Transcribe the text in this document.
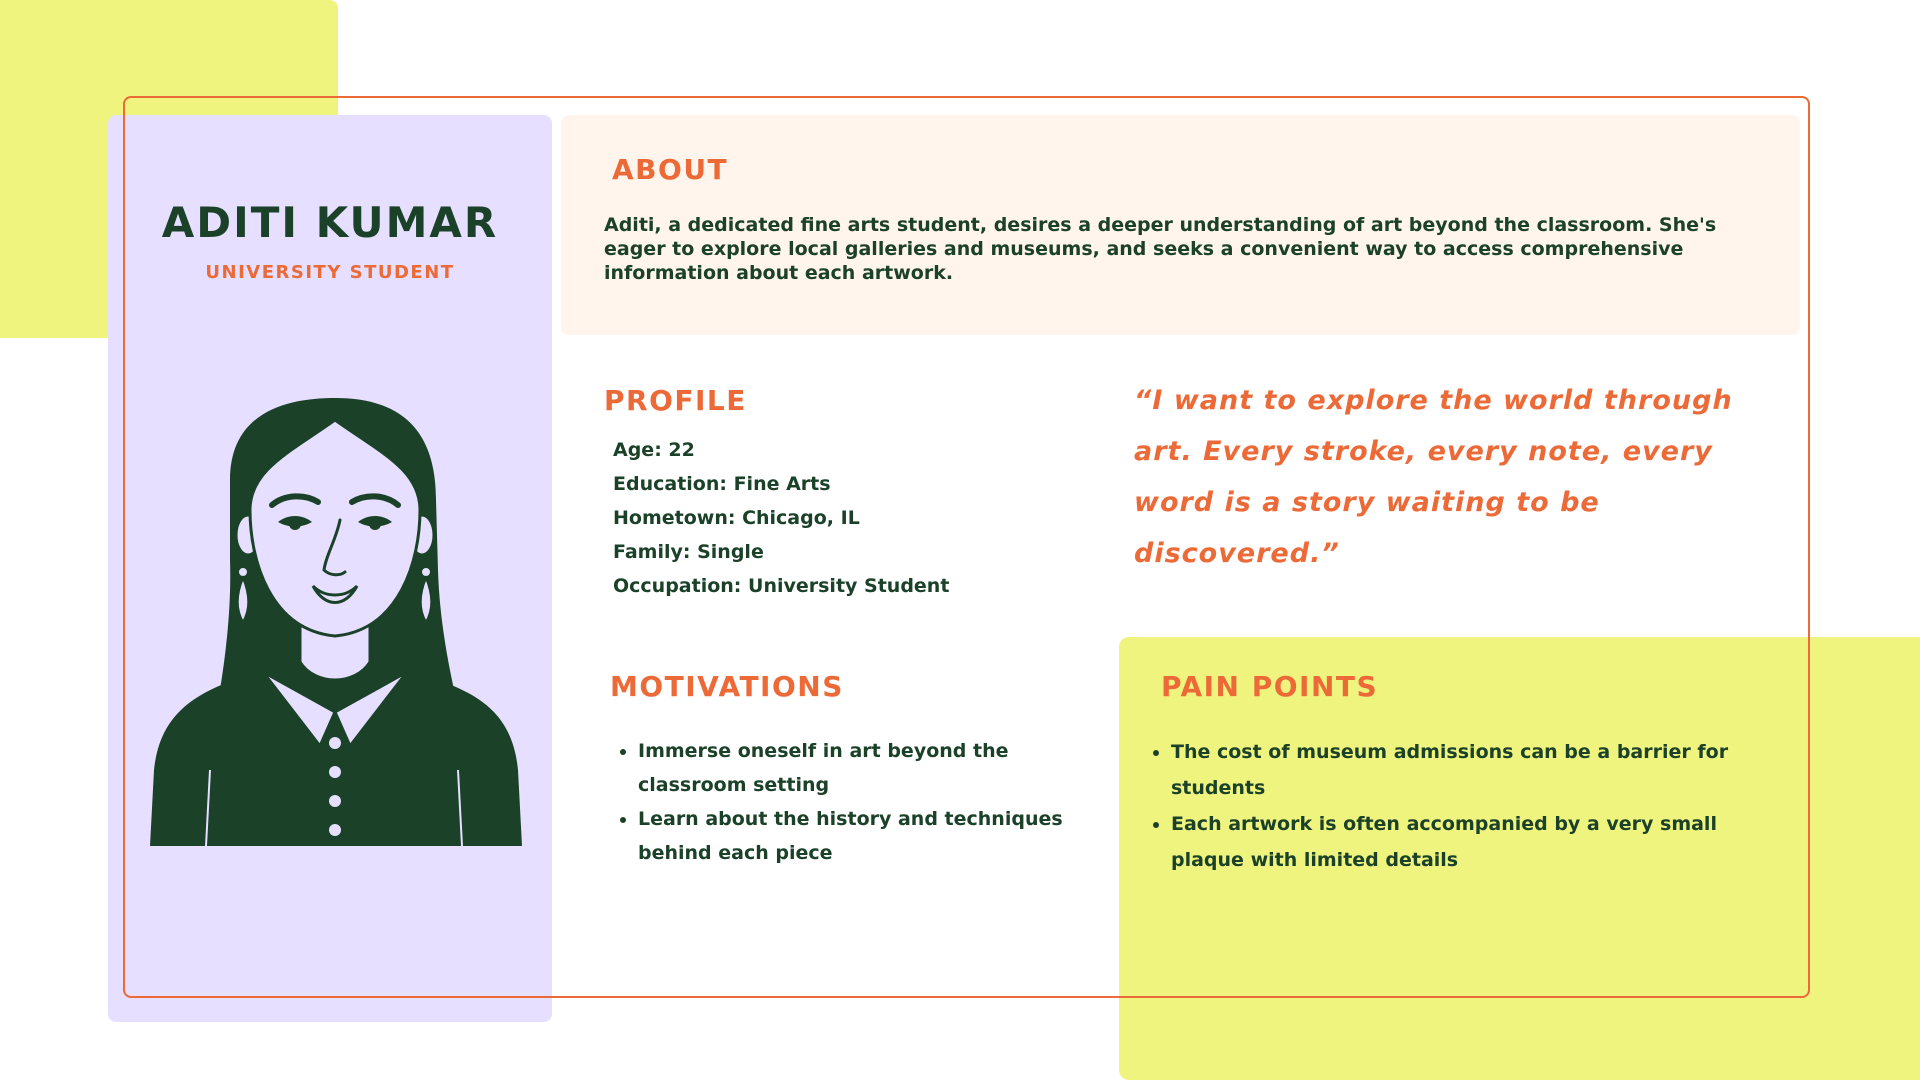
ADITI KUMAR
UNIVERSITY STUDENT
ABOUT

Aditi, a dedicated fine arts student, desires a deeper understanding of art beyond the classroom. She's eager to explore local galleries and museums, and seeks a convenient way to access comprehensive information about each artwork.

PROFILE
Age: 22
Education: Fine Arts
Hometown: Chicago, IL
Family: Single
Occupation: University Student

“I want to explore the world through art. Every stroke, every note, every word is a story waiting to be discovered.”

MOTIVATIONS
• Immerse oneself in art beyond the classroom setting
• Learn about the history and techniques behind each piece
PAIN POINTS
• The cost of museum admissions can be a barrier for students
• Each artwork is often accompanied by a very small plaque with limited details
